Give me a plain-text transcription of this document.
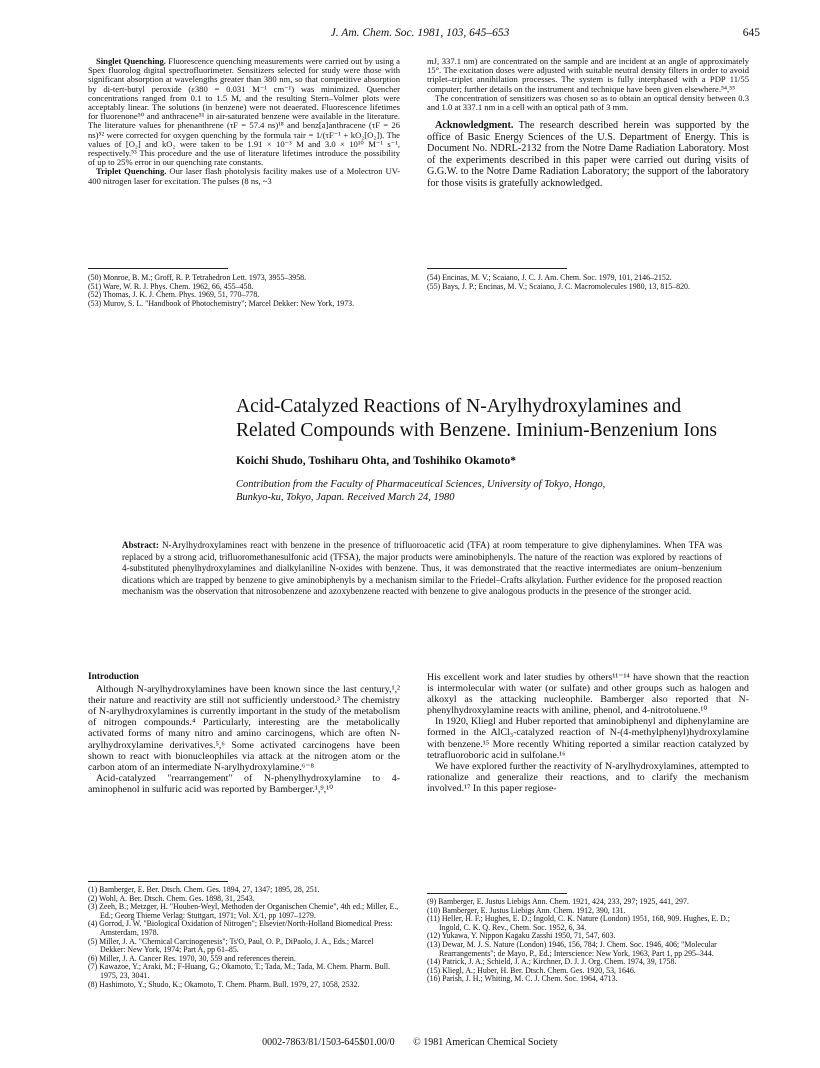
J. Am. Chem. Soc. 1981, 103, 645–653	645

Singlet Quenching. Fluorescence quenching measurements were carried out by using a Spex fluorolog digital spectrofluorimeter. Sensitizers selected for study were those with significant absorption at wavelengths greater than 380 nm, so that competitive absorption by di-tert-butyl peroxide (ε380 = 0.031 M⁻¹ cm⁻¹) was minimized. Quencher concentrations ranged from 0.1 to 1.5 M, and the resulting Stern–Volmer plots were acceptably linear. The solutions (in benzene) were not deaerated. Fluorescence lifetimes for fluorenone⁵⁰ and anthracene⁵¹ in air-saturated benzene were available in the literature. The literature values for phenanthrene (τF = 57.4 ns)¹⁸ and benz[a]anthracene (τF = 26 ns)⁵² were corrected for oxygen quenching by the formula τair = 1/(τF⁻¹ + kO₂[O₂]). The values of [O₂] and kO₂ were taken to be 1.91 × 10⁻³ M and 3.0 × 10¹⁰ M⁻¹ s⁻¹, respectively.⁵³ This procedure and the use of literature lifetimes introduce the possibility of up to 25% error in our quenching rate constants.

Triplet Quenching. Our laser flash photolysis facility makes use of a Molectron UV-400 nitrogen laser for excitation. The pulses (8 ns, ~3

mJ, 337.1 nm) are concentrated on the sample and are incident at an angle of approximately 15°. The excitation doses were adjusted with suitable neutral density filters in order to avoid triplet–triplet annihilation processes. The system is fully interphased with a PDP 11/55 computer; further details on the instrument and technique have been given elsewhere.⁵⁴,⁵⁵

The concentration of sensitizers was chosen so as to obtain an optical density between 0.3 and 1.0 at 337.1 nm in a cell with an optical path of 3 mm.

Acknowledgment. The research described herein was supported by the office of Basic Energy Sciences of the U.S. Department of Energy. This is Document No. NDRL-2132 from the Notre Dame Radiation Laboratory. Most of the experiments described in this paper were carried out during visits of G.G.W. to the Notre Dame Radiation Laboratory; the support of the laboratory for those visits is gratefully acknowledged.

(50) Monroe, B. M.; Groff, R. P. Tetrahedron Lett. 1973, 3955–3958.
(51) Ware, W. R. J. Phys. Chem. 1962, 66, 455–458.
(52) Thomas, J. K. J. Chem. Phys. 1969, 51, 770–778.
(53) Murov, S. L. "Handbook of Photochemistry"; Marcel Dekker: New York, 1973.
(54) Encinas, M. V.; Scaiano, J. C. J. Am. Chem. Soc. 1979, 101, 2146–2152.
(55) Bays, J. P.; Encinas, M. V.; Scaiano, J. C. Macromolecules 1980, 13, 815–820.
Acid-Catalyzed Reactions of N-Arylhydroxylamines and
Related Compounds with Benzene. Iminium-Benzenium Ions
Koichi Shudo, Toshiharu Ohta, and Toshihiko Okamoto*
Contribution from the Faculty of Pharmaceutical Sciences, University of Tokyo, Hongo,
Bunkyo-ku, Tokyo, Japan. Received March 24, 1980
Abstract: N-Arylhydroxylamines react with benzene in the presence of trifluoroacetic acid (TFA) at room temperature to give diphenylamines. When TFA was replaced by a strong acid, trifluoromethanesulfonic acid (TFSA), the major products were aminobiphenyls. The nature of the reaction was explored by reactions of 4-substituted phenylhydroxylamines and dialkylaniline N-oxides with benzene. Thus, it was demonstrated that the reactive intermediates are onium–benzenium dications which are trapped by benzene to give aminobiphenyls by a mechanism similar to the Friedel–Crafts alkylation. Further evidence for the proposed reaction mechanism was the observation that nitrosobenzene and azoxybenzene reacted with benzene to give analogous products in the presence of the stronger acid.
Introduction

Although N-arylhydroxylamines have been known since the last century,¹,² their nature and reactivity are still not sufficiently understood.³ The chemistry of N-arylhydroxylamines is currently important in the study of the metabolism of nitrogen compounds.⁴ Particularly, interesting are the metabolically activated forms of many nitro and amino carcinogens, which are often N-arylhydroxylamine derivatives.⁵,⁶ Some activated carcinogens have been shown to react with bionucleophiles via attack at the nitrogen atom or the carbon atom of an intermediate N-arylhydroxylamine.⁶⁻⁸

Acid-catalyzed "rearrangement" of N-phenylhydroxylamine to 4-aminophenol in sulfuric acid was reported by Bamberger.¹,⁹,¹⁰

His excellent work and later studies by others¹¹⁻¹⁴ have shown that the reaction is intermolecular with water (or sulfate) and other groups such as halogen and alkoxyl as the attacking nucleophile. Bamberger also reported that N-phenylhydroxylamine reacts with aniline, phenol, and 4-nitrotoluene.¹⁰

In 1920, Kliegl and Huber reported that aminobiphenyl and diphenylamine are formed in the AlCl₃-catalyzed reaction of N-(4-methylphenyl)hydroxylamine with benzene.¹⁵ More recently Whiting reported a similar reaction catalyzed by tetrafluoroboric acid in sulfolane.¹⁶

We have explored further the reactivity of N-arylhydroxylamines, attempted to rationalize and generalize their reactions, and to clarify the mechanism involved.¹⁷ In this paper regiose-

(1) Bamberger, E. Ber. Dtsch. Chem. Ges. 1894, 27, 1347; 1895, 28, 251.
(2) Wohl, A. Ber. Dtsch. Chem. Ges. 1898, 31, 2543.
(3) Zeeh, B.; Metzger, H. "Houben-Weyl, Methoden der Organischen Chemie", 4th ed.; Miller, E., Ed.; Georg Thieme Verlag: Stuttgart, 1971; Vol. X/1, pp 1097–1279.
(4) Gorrod, J. W. "Biological Oxidation of Nitrogen"; Elsevier/North-Holland Biomedical Press: Amsterdam, 1978.
(5) Miller, J. A. "Chemical Carcinogenesis"; Ts'O, Paul, O. P., DiPaolo, J. A., Eds.; Marcel Dekker: New York, 1974; Part A, pp 61–85.
(6) Miller, J. A. Cancer Res. 1970, 30, 559 and references therein.
(7) Kawazoe, Y.; Araki, M.; F-Huang, G.; Okamoto, T.; Tada, M.; Tada, M. Chem. Pharm. Bull. 1975, 23, 3041.
(8) Hashimoto, Y.; Shudo, K.; Okamoto, T. Chem. Pharm. Bull. 1979, 27, 1058, 2532.
(9) Bamberger, E. Justus Liebigs Ann. Chem. 1921, 424, 233, 297; 1925, 441, 297.
(10) Bamberger, E. Justus Liebigs Ann. Chem. 1912, 390, 131.
(11) Heller, H. F.; Hughes, E. D.; Ingold, C. K. Nature (London) 1951, 168, 909. Hughes, E. D.; Ingold, C. K. Q. Rev., Chem. Soc. 1952, 6, 34.
(12) Yukawa, Y. Nippon Kagaku Zasshi 1950, 71, 547, 603.
(13) Dewar, M. J. S. Nature (London) 1946, 156, 784; J. Chem. Soc. 1946, 406; "Molecular Rearrangements"; de Mayo, P., Ed.; Interscience: New York, 1963, Part 1, pp 295–344.
(14) Patrick, J. A.; Schield, J. A.; Kirchner, D. J. J. Org. Chem. 1974, 39, 1758.
(15) Kliegl, A.; Huber, H. Ber. Dtsch. Chem. Ges. 1920, 53, 1646.
(16) Parish, J. H.; Whiting, M. C. J. Chem. Soc. 1964, 4713.
0002-7863/81/1503-645$01.00/0 © 1981 American Chemical Society
